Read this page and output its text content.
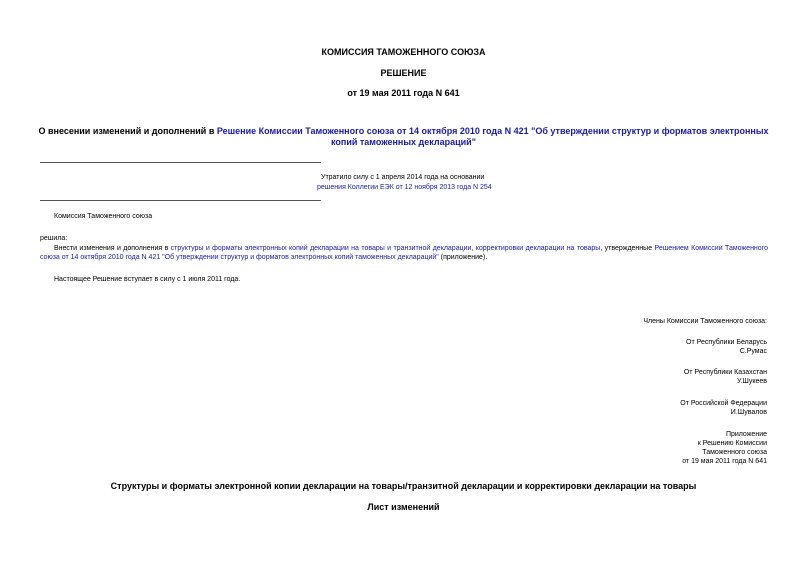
КОМИССИЯ ТАМОЖЕННОГО СОЮЗА
РЕШЕНИЕ
от 19 мая 2011 года N 641
О внесении изменений и дополнений в Решение Комиссии Таможенного союза от 14 октября 2010 года N 421 "Об утверждении структур и форматов электронных
копий таможенных деклараций"
Утратило силу с 1 апреля 2014 года на основании
решения Коллегии ЕЭК от 12 ноября 2013 года N 254
Комиссия Таможенного союза
решила:
Внести изменения и дополнения в структуры и форматы электронных копий декларации на товары и транзитной декларации, корректировки декларации на товары, утвержденные Решением Комиссии Таможенного союза от 14 октября 2010 года N 421 "Об утверждении структур и форматов электронных копий таможенных деклараций" (приложение).
Настоящее Решение вступает в силу с 1 июля 2011 года.
Члены Комиссии Таможенного союза:
От Республики Беларусь
С.Румас
От Республики Казахстан
У.Шукеев
От Российской Федерации
И.Шувалов
Приложение
к Решению Комиссии
Таможенного союза
от 19 мая 2011 года N 641
Структуры и форматы электронной копии декларации на товары/транзитной декларации и корректировки декларации на товары
Лист изменений
